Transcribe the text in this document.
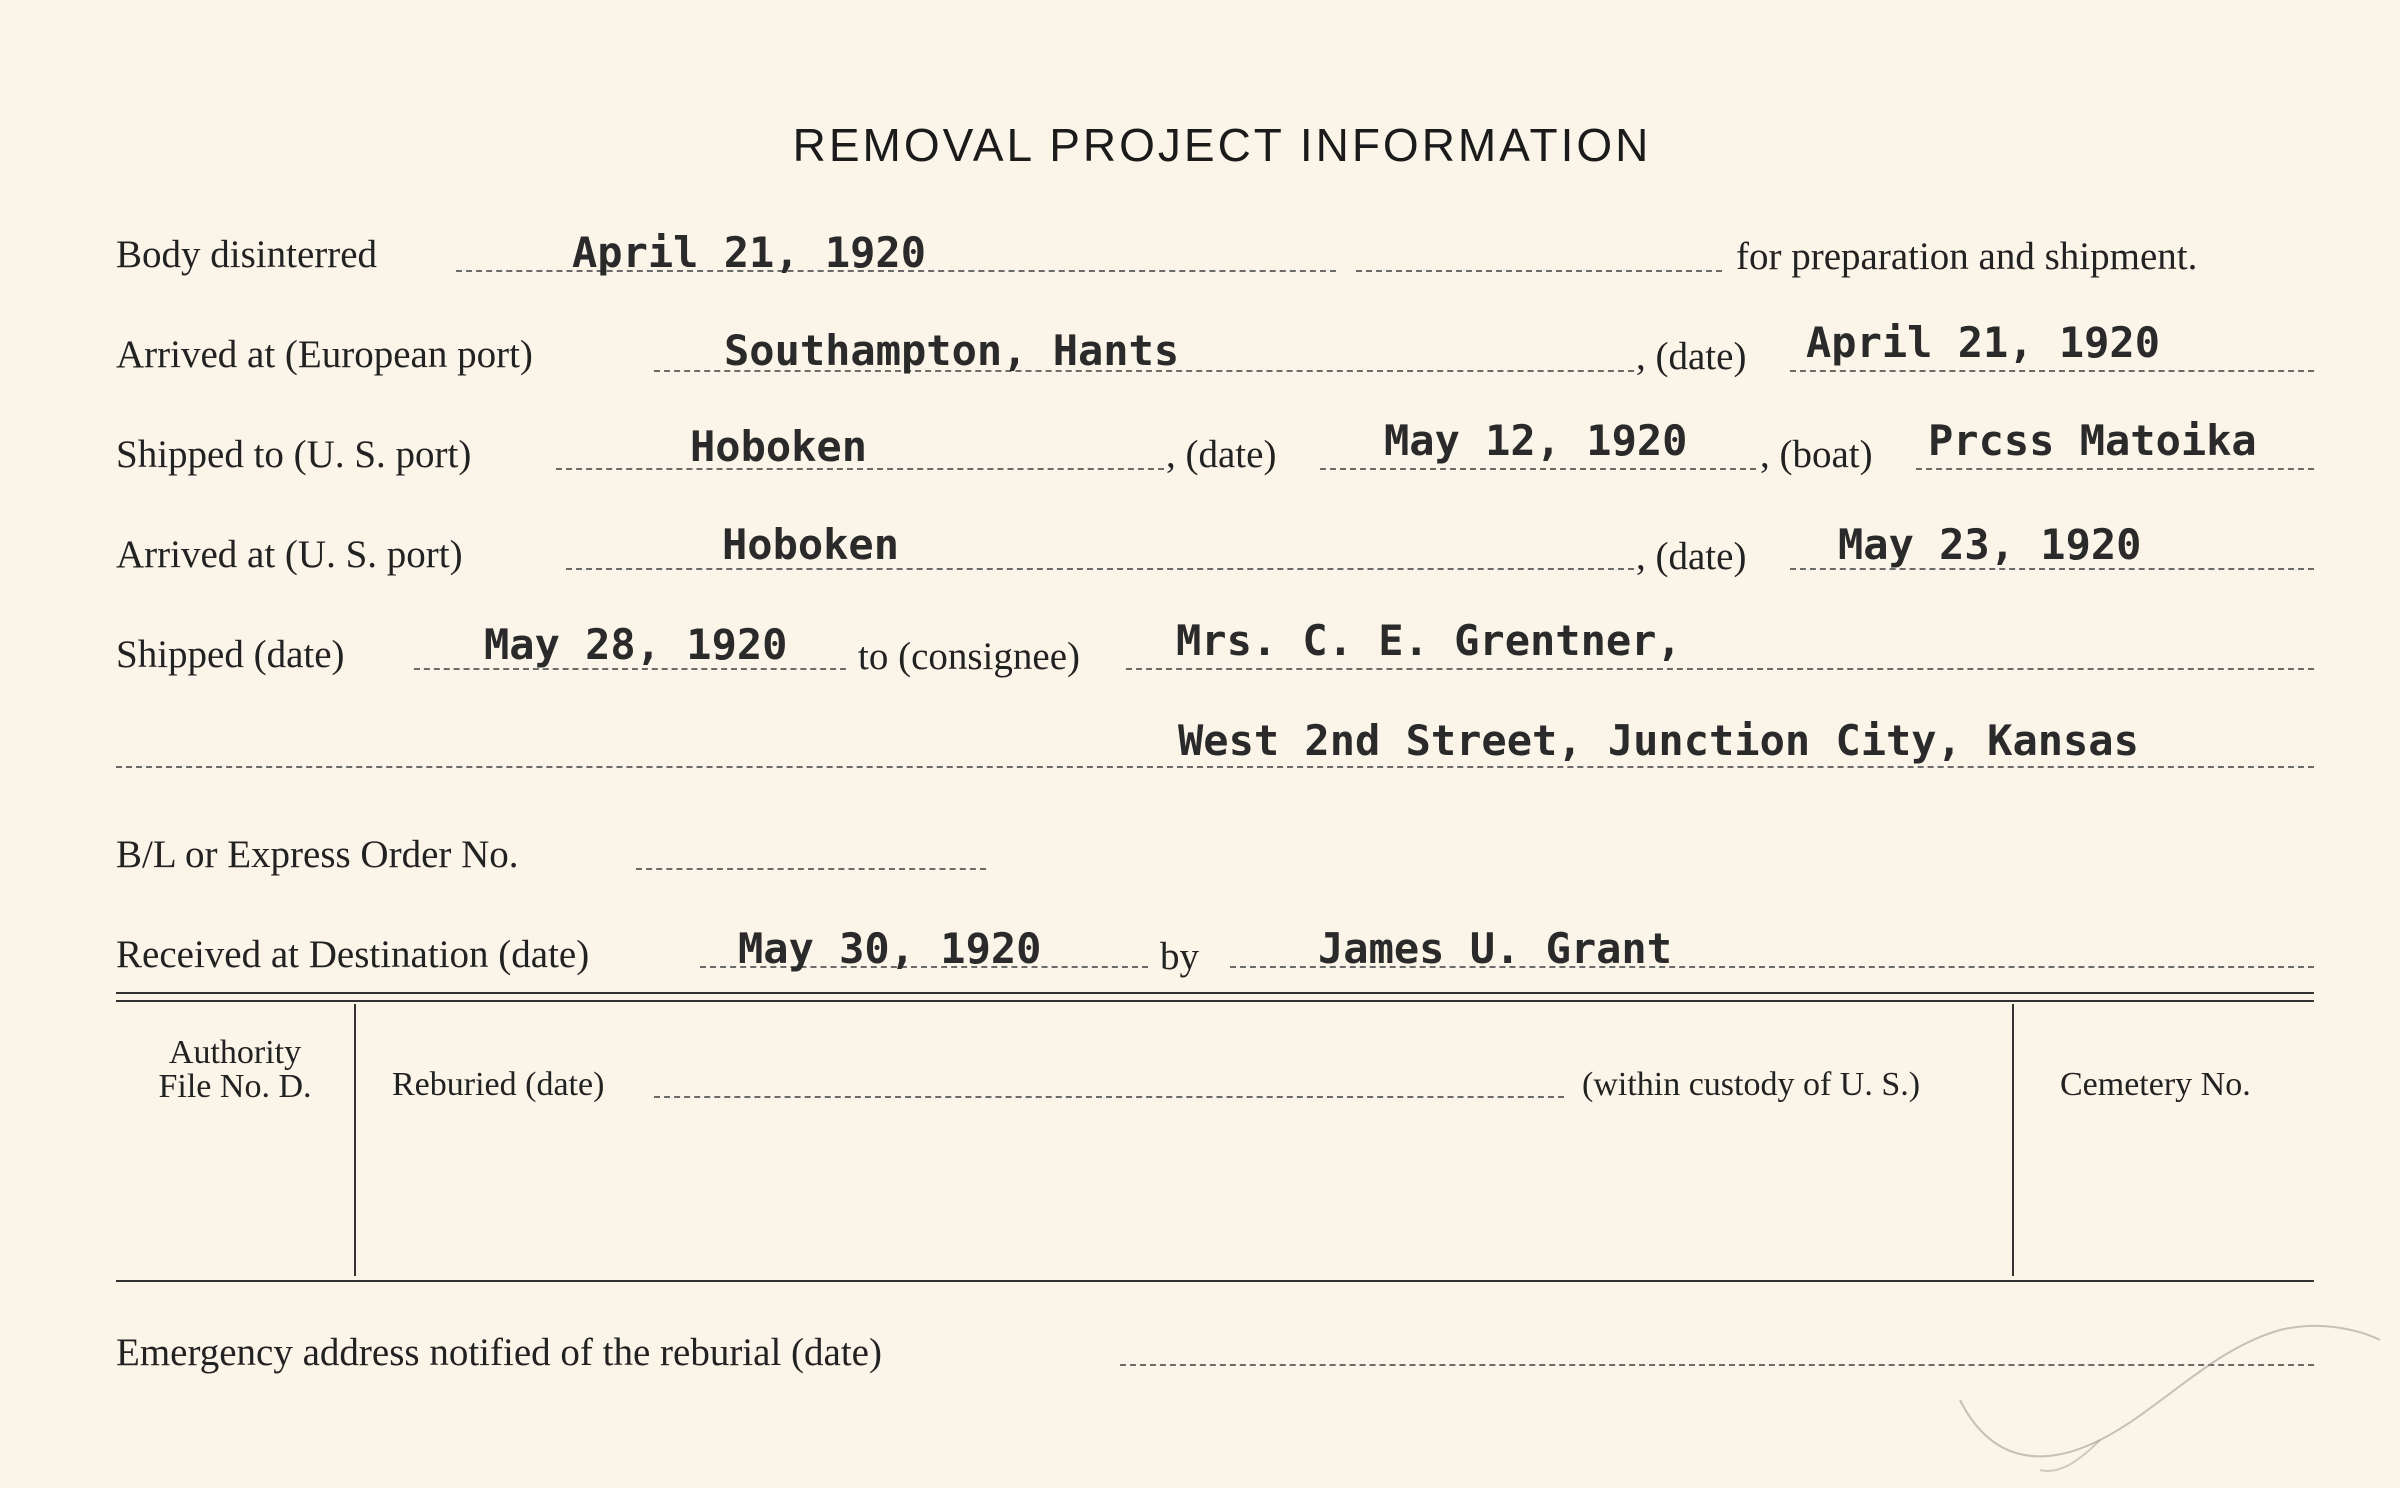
REMOVAL PROJECT INFORMATION
Body disinterred	April 21, 1920	for preparation and shipment.
Arrived at (European port)	Southampton, Hants	, (date) April 21, 1920
Shipped to (U. S. port)	Hoboken	, (date)	May 12, 1920 , (boat) Prcss Matoika
Arrived at (U. S. port)	Hoboken	, (date) May 23, 1920
Shipped (date)	May 28, 1920 to (consignee) Mrs. C. E. Grentner,
West 2nd Street, Junction City, Kansas
B/L or Express Order No.
Received at Destination (date)	May 30, 1920	by	James U. Grant
Authority
File No. D.	Reburied (date)	(within custody of U. S.)	Cemetery No.
Emergency address notified of the reburial (date)
